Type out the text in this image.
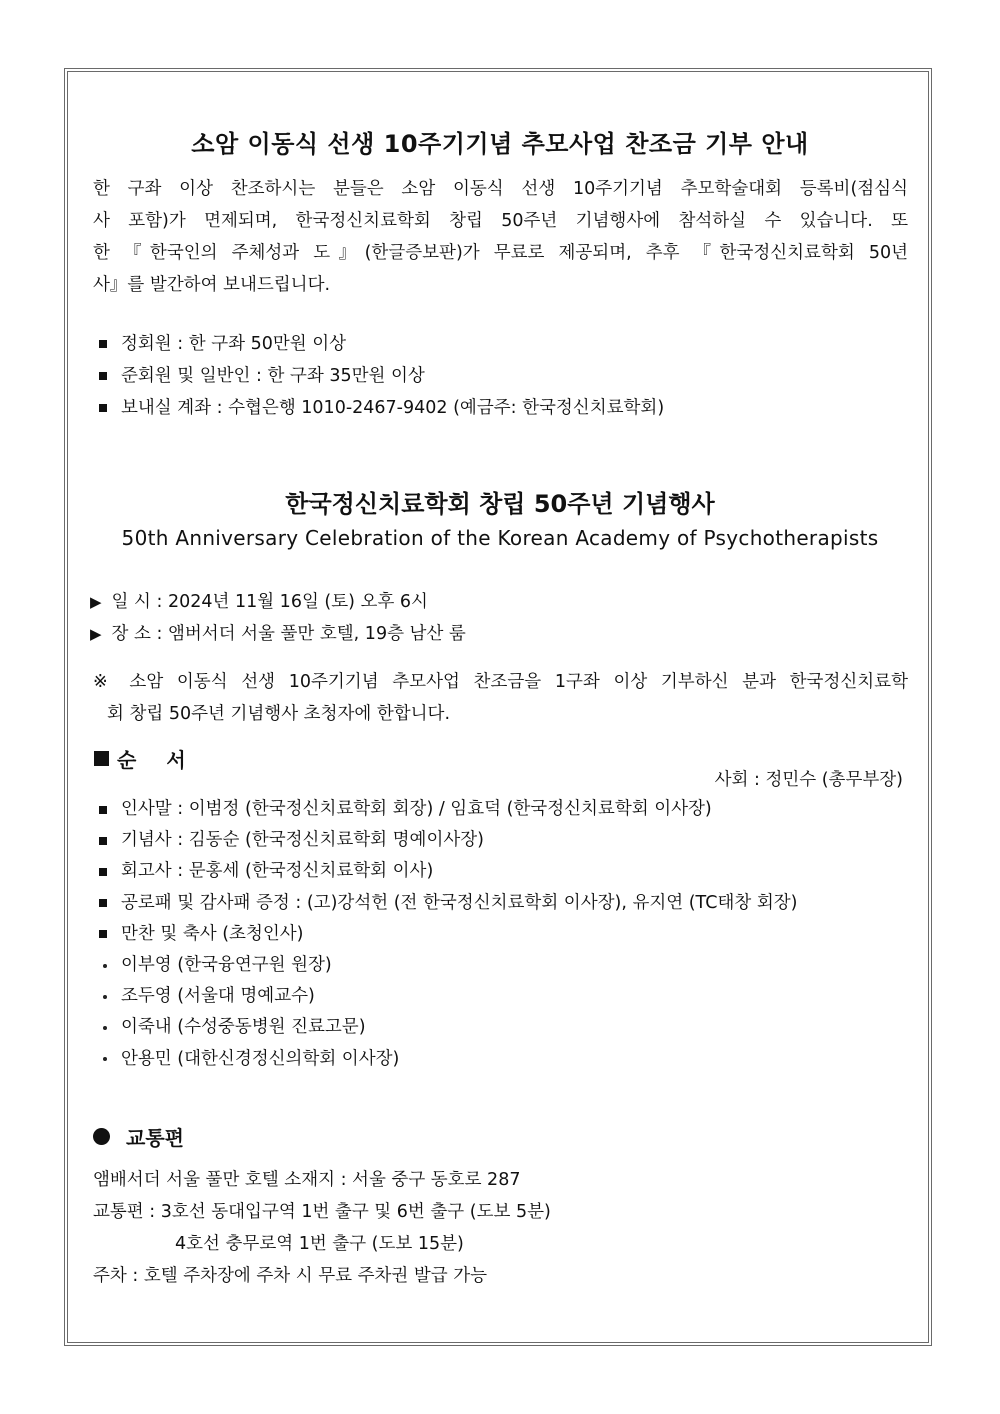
소암 이동식 선생 10주기기념 추모사업 찬조금 기부 안내
한 구좌 이상 찬조하시는 분들은 소암 이동식 선생 10주기기념 추모학술대회 등록비(점심식
사 포함)가 면제되며, 한국정신치료학회 창립 50주년 기념행사에 참석하실 수 있습니다. 또
한 『한국인의 주체성과 도』(한글증보판)가 무료로 제공되며, 추후 『한국정신치료학회 50년
사』를 발간하여 보내드립니다.
정회원 : 한 구좌 50만원 이상
준회원 및 일반인 : 한 구좌 35만원 이상
보내실 계좌 : 수협은행 1010-2467-9402 (예금주: 한국정신치료학회)
한국정신치료학회 창립 50주년 기념행사
50th Anniversary Celebration of the Korean Academy of Psychotherapists
▶ 일 시 : 2024년 11월 16일 (토) 오후 6시
▶ 장 소 : 앰버서더 서울 풀만 호텔, 19층 남산 룸
※ 소암 이동식 선생 10주기기념 추모사업 찬조금을 1구좌 이상 기부하신 분과 한국정신치료학
회 창립 50주년 기념행사 초청자에 한합니다.
순서
사회 : 정민수 (총무부장)
인사말 : 이범정 (한국정신치료학회 회장) / 임효덕 (한국정신치료학회 이사장)
기념사 : 김동순 (한국정신치료학회 명예이사장)
회고사 : 문홍세 (한국정신치료학회 이사)
공로패 및 감사패 증정 : (고)강석헌 (전 한국정신치료학회 이사장), 유지연 (TC태창 회장)
만찬 및 축사 (초청인사)
이부영 (한국융연구원 원장)
조두영 (서울대 명예교수)
이죽내 (수성중동병원 진료고문)
안용민 (대한신경정신의학회 이사장)
교통편
앰배서더 서울 풀만 호텔 소재지 : 서울 중구 동호로 287
교통편 : 3호선 동대입구역 1번 출구 및 6번 출구 (도보 5분)
4호선 충무로역 1번 출구 (도보 15분)
주차 : 호텔 주차장에 주차 시 무료 주차권 발급 가능
